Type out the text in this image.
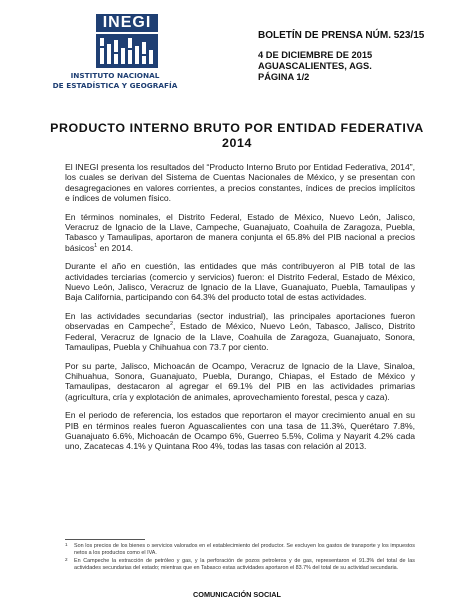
INEGI
INSTITUTO NACIONAL
DE ESTADÍSTICA Y GEOGRAFÍA
BOLETÍN DE PRENSA NÚM. 523/15
4 DE DICIEMBRE DE 2015
AGUASCALIENTES, AGS.
PÁGINA 1/2
PRODUCTO INTERNO BRUTO POR ENTIDAD FEDERATIVA
2014

El INEGI presenta los resultados del “Producto Interno Bruto por Entidad Federativa, 2014”, los cuales se derivan del Sistema de Cuentas Nacionales de México, y se presentan con desagregaciones en valores corrientes, a precios constantes, índices de precios implícitos e índices de volumen físico.

En términos nominales, el Distrito Federal, Estado de México, Nuevo León, Jalisco, Veracruz de Ignacio de la Llave, Campeche, Guanajuato, Coahuila de Zaragoza, Puebla, Tabasco y Tamaulipas, aportaron de manera conjunta el 65.8% del PIB nacional a precios básicos$^1$ en 2014.

Durante el año en cuestión, las entidades que más contribuyeron al PIB total de las actividades terciarias (comercio y servicios) fueron: el Distrito Federal, Estado de México, Nuevo León, Jalisco, Veracruz de Ignacio de la Llave, Guanajuato, Puebla, Tamaulipas y Baja California, participando con 64.3% del producto total de estas actividades.

En las actividades secundarias (sector industrial), las principales aportaciones fueron observadas en Campeche$^2$, Estado de México, Nuevo León, Tabasco, Jalisco, Distrito Federal, Veracruz de Ignacio de la Llave, Coahuila de Zaragoza, Guanajuato, Sonora, Tamaulipas, Puebla y Chihuahua con 73.7 por ciento.

Por su parte, Jalisco, Michoacán de Ocampo, Veracruz de Ignacio de la Llave, Sinaloa, Chihuahua, Sonora, Guanajuato, Puebla, Durango, Chiapas, el Estado de México y Tamaulipas, destacaron al agregar el 69.1% del PIB en las actividades primarias (agricultura, cría y explotación de animales, aprovechamiento forestal, pesca y caza).

En el periodo de referencia, los estados que reportaron el mayor crecimiento anual en su PIB en términos reales fueron Aguascalientes con una tasa de 11.3%, Querétaro 7.8%, Guanajuato 6.6%, Michoacán de Ocampo 6%, Guerreo 5.5%, Colima y Nayarit 4.2% cada uno, Zacatecas 4.1% y Quintana Roo 4%, todas las tasas con relación al 2013.

1 Son los precios de los bienes o servicios valorados en el establecimiento del productor. Se excluyen los gastos de transporte y los impuestos netos a los productos como el IVA.
2 En Campeche la extracción de petróleo y gas, y la perforación de pozos petroleros y de gas, representaron el 91.3% del total de las actividades secundarias del estado; mientras que en Tabasco estas actividades aportaron el 83.7% del total de su actividad secundaria.
COMUNICACIÓN SOCIAL
